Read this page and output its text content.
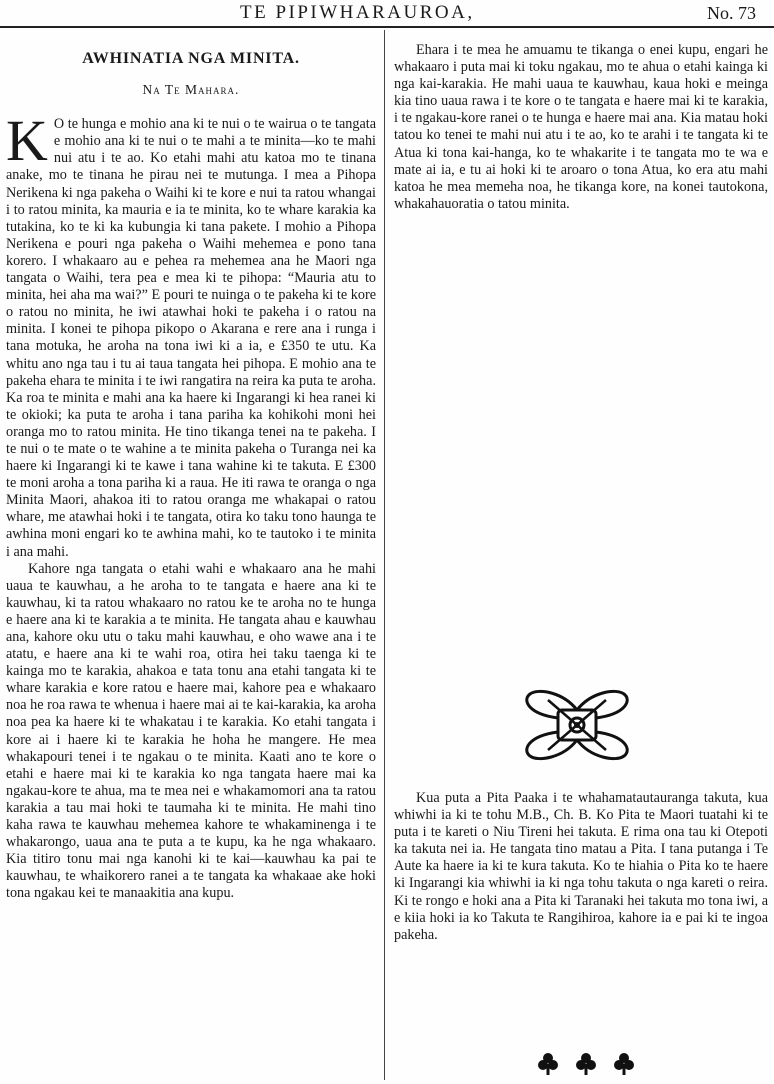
TE PIPIWHARAUROA,	No. 73
AWHINATIA NGA MINITA.
Na Te Mahara.

K O te hunga e mohio ana ki te nui o te wairua o te tangata e mohio ana ki te nui o te mahi a te minita—ko te mahi nui atu i te ao. Ko etahi mahi atu katoa mo te tinana anake, mo te tinana he pirau nei te mutunga. I mea a Pihopa Nerikena ki nga pakeha o Waihi ki te kore e nui ta ratou whangai i to ratou minita, ka mauria e ia te minita, ko te whare karakia ka tutakina, ko te ki ka kubungia ki tana pakete. I mohio a Pihopa Nerikena e pouri nga pakeha o Waihi mehemea e pono tana korero. I whakaaro au e pehea ra mehemea ana he Maori nga tangata o Waihi, tera pea e mea ki te pihopa: “Mauria atu to minita, hei aha ma wai?” E pouri te nuinga o te pakeha ki te kore o ratou no minita, he iwi atawhai hoki te pakeha i o ratou na minita. I konei te pihopa pikopo o Akarana e rere ana i runga i tana motuka, he aroha na tona iwi ki a ia, e £350 te utu. Ka whitu ano nga tau i tu ai taua tangata hei pihopa. E mohio ana te pakeha ehara te minita i te iwi rangatira na reira ka puta te aroha. Ka roa te minita e mahi ana ka haere ki Ingarangi ki hea ranei ki te okioki; ka puta te aroha i tana pariha ka kohikohi moni hei oranga mo to ratou minita. He tino tikanga tenei na te pakeha. I te nui o te mate o te wahine a te minita pakeha o Turanga nei ka haere ki Ingarangi ki te kawe i tana wahine ki te takuta. E £300 te moni aroha a tona pariha ki a raua. He iti rawa te oranga o nga Minita Maori, ahakoa iti to ratou oranga me whakapai o ratou whare, me atawhai hoki i te tangata, otira ko taku tono haunga te awhina moni engari ko te awhina mahi, ko te tautoko i te minita i ana mahi.

Kahore nga tangata o etahi wahi e whakaaro ana he mahi uaua te kauwhau, a he aroha to te tangata e haere ana ki te kauwhau, ki ta ratou whakaaro no ratou ke te aroha no te hunga e haere ana ki te karakia a te minita. He tangata ahau e kauwhau ana, kahore oku utu o taku mahi kauwhau, e oho wawe ana i te atatu, e haere ana ki te wahi roa, otira hei taku taenga ki te kainga mo te karakia, ahakoa e tata tonu ana etahi tangata ki te whare karakia e kore ratou e haere mai, kahore pea e whakaaro noa he roa rawa te whenua i haere mai ai te kai-karakia, ka aroha noa pea ka haere ki te whakatau i te karakia. Ko etahi tangata i kore ai i haere ki te karakia he hoha he mangere. He mea whakapouri tenei i te ngakau o te minita. Kaati ano te kore o etahi e haere mai ki te karakia ko nga tangata haere mai ka ngakau-kore te ahua, ma te mea nei e whakamomori ana ta ratou karakia a tau mai hoki te taumaha ki te minita. He mahi tino kaha rawa te kauwhau mehemea kahore te whakaminenga i te whakarongo, uaua ana te puta a te kupu, ka he nga whakaaro. Kia titiro tonu mai nga kanohi ki te kai—kauwhau ka pai te kauwhau, te whaikorero ranei a te tangata ka whakaae ake hoki tona ngakau kei te manaakitia ana kupu.

Ehara i te mea he amuamu te tikanga o enei kupu, engari he whakaaro i puta mai ki toku ngakau, mo te ahua o etahi kainga ki nga kai-karakia. He mahi uaua te kauwhau, kaua hoki e meinga kia tino uaua rawa i te kore o te tangata e haere mai ki te karakia, i te ngakau-kore ranei o te hunga e haere mai ana. Kia matau hoki tatou ko tenei te mahi nui atu i te ao, ko te arahi i te tangata ki te Atua ki tona kai-hanga, ko te whakarite i te tangata mo te wa e mate ai ia, e tu ai hoki ki te aroaro o tona Atua, ko era atu mahi katoa he mea memeha noa, he tikanga kore, na konei tautokona, whakahauoratia o tatou minita.

Kua puta a Pita Paaka i te whahamatautauranga takuta, kua whiwhi ia ki te tohu M.B., Ch. B. Ko Pita te Maori tuatahi ki te puta i te kareti o Niu Tireni hei takuta. E rima ona tau ki Otepoti ka takuta nei ia. He tangata tino matau a Pita. I tana putanga i Te Aute ka haere ia ki te kura takuta. Ko te hiahia o Pita ko te haere ki Ingarangi kia whiwhi ia ki nga tohu takuta o nga kareti o reira. Ki te rongo e hoki ana a Pita ki Taranaki hei takuta mo tona iwi, a e kiia hoki ia ko Takuta te Rangihiroa, kahore ia e pai ki te ingoa pakeha.
